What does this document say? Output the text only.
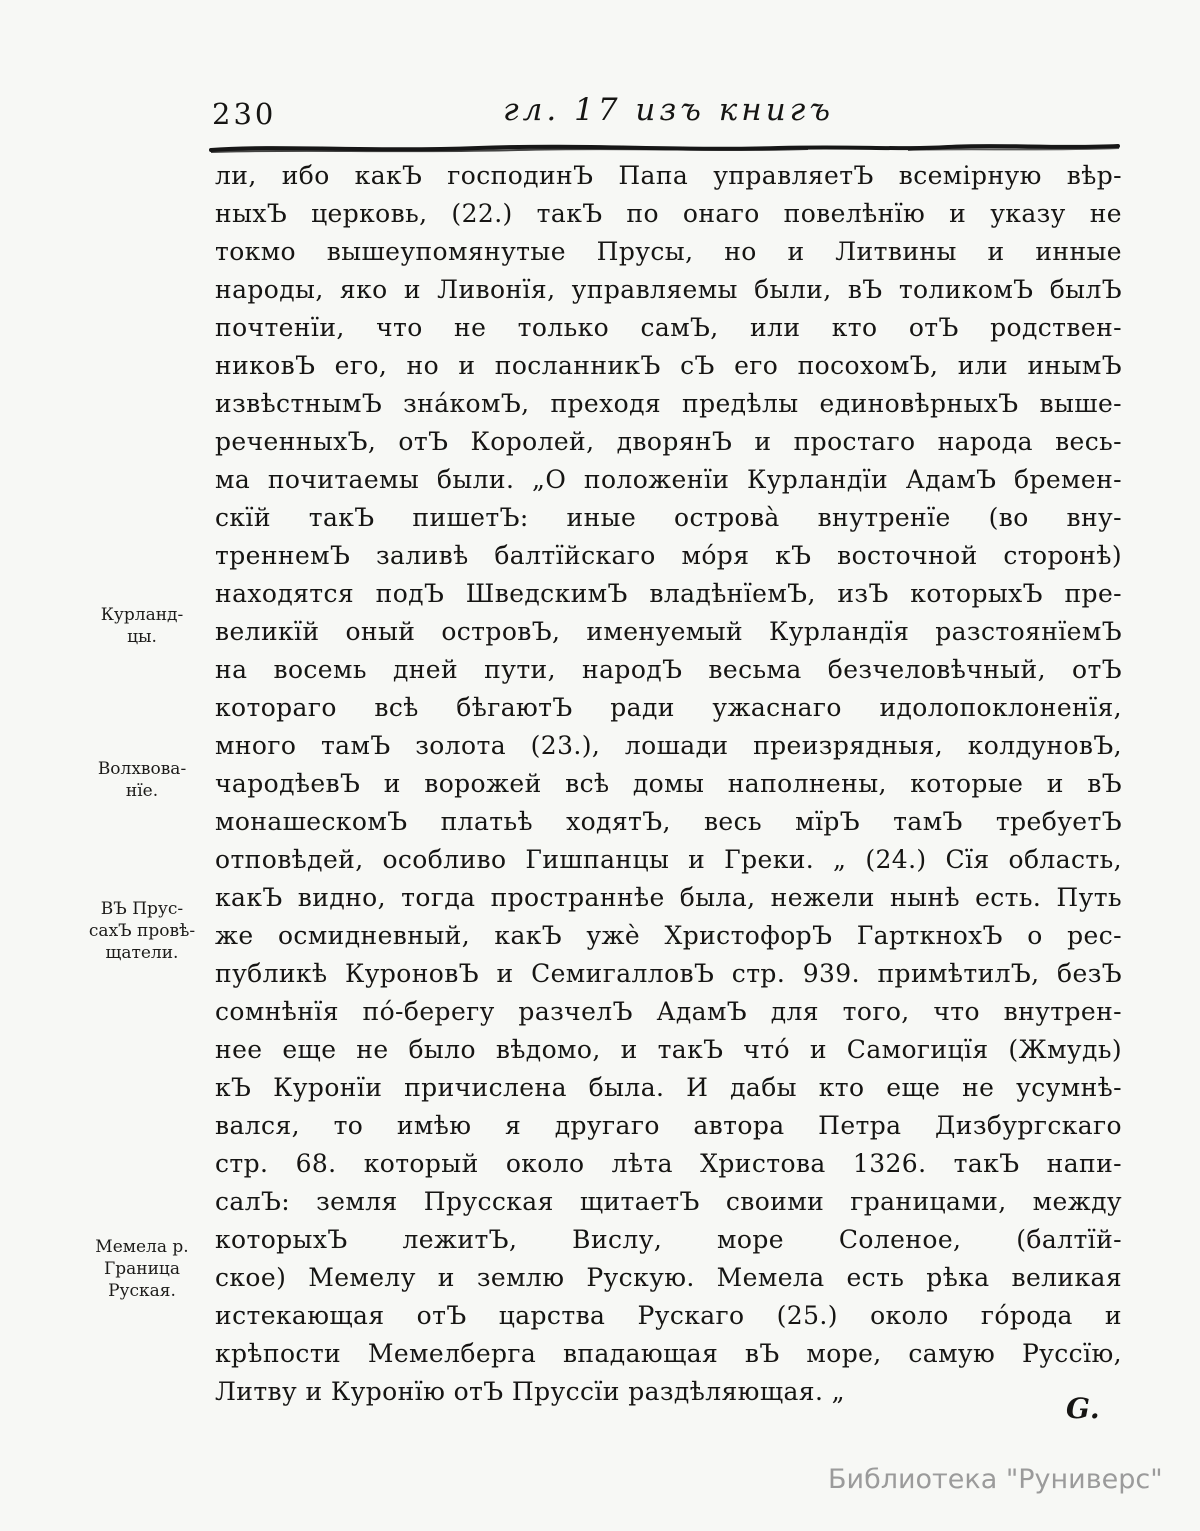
230	гл. 17 изъ книгъ
ли, ибо какЪ господинЪ Папа управляетЪ всемірную вѣр-
ныхЪ церковь, (22.) такЪ по онаго повелѣнїю и указу не
токмо вышеупомянутые Прусы, но и Литвины и инные
народы, яко и Ливонїя, управляемы были, вЪ толикомЪ былЪ
почтенїи, что не только самЪ, или кто отЪ родствен-
никовЪ его, но и посланникЪ сЪ его посохомЪ, или инымЪ
извѣстнымЪ зна́комЪ, преходя предѣлы единовѣрныхЪ выше-
реченныхЪ, отЪ Королей, дворянЪ и простаго народа весь-
ма почитаемы были. „О положенїи Курландїи АдамЪ бремен-
скїй такЪ пишетЪ: иные острова̀ внутренїе (во вну-
треннемЪ заливѣ балтїйскаго мо́ря кЪ восточной сторонѣ)
находятся подЪ ШведскимЪ владѣнїемЪ, изЪ которыхЪ пре-
великїй оный островЪ, именуемый Курландїя разстоянїемЪ
на восемь дней пути, народЪ весьма безчеловѣчный, отЪ
котораго всѣ бѣгаютЪ ради ужаснаго идолопоклоненїя,
много тамЪ золота (23.), лошади преизрядныя, колдуновЪ,
чародѣевЪ и ворожей всѣ домы наполнены, которые и вЪ
монашескомЪ платьѣ ходятЪ, весь мїрЪ тамЪ требуетЪ
отповѣдей, особливо Гишпанцы и Греки. „ (24.) Сїя область,
какЪ видно, тогда пространнѣе была, нежели нынѣ есть. Путь
же осмидневный, какЪ ужѐ ХристофорЪ ГарткнохЪ о рес-
публикѣ КуроновЪ и СемигалловЪ стр. 939. примѣтилЪ, безЪ
сомнѣнїя по́-берегу разчелЪ АдамЪ для того, что внутрен-
нее еще не было вѣдомо, и такЪ что́ и Самогицїя (Жмудь)
кЪ Куронїи причислена была. И дабы кто еще не усумнѣ-
вался, то имѣю я другаго автора Петра Дизбургскаго
стр. 68. который около лѣта Христова 1326. такЪ напи-
салЪ: земля Прусская щитаетЪ своими границами, между
которыхЪ лежитЪ, Вислу, море Соленое, (балтїй-
ское) Мемелу и землю Рускую. Мемела есть рѣка великая
истекающая отЪ царства Рускаго (25.) около го́рода и
крѣпости Мемелберга впадающая вЪ море, самую Руссїю,
Литву и Куронїю отЪ Пруссїи раздѣляющая. „
Курланд-
цы.
Волхвова-
нїе.
ВЪ Прус-
сахЪ провѣ-
щатели.
Мемела р.
Граница
Руская.
G.
Библиотека "Руниверс"
